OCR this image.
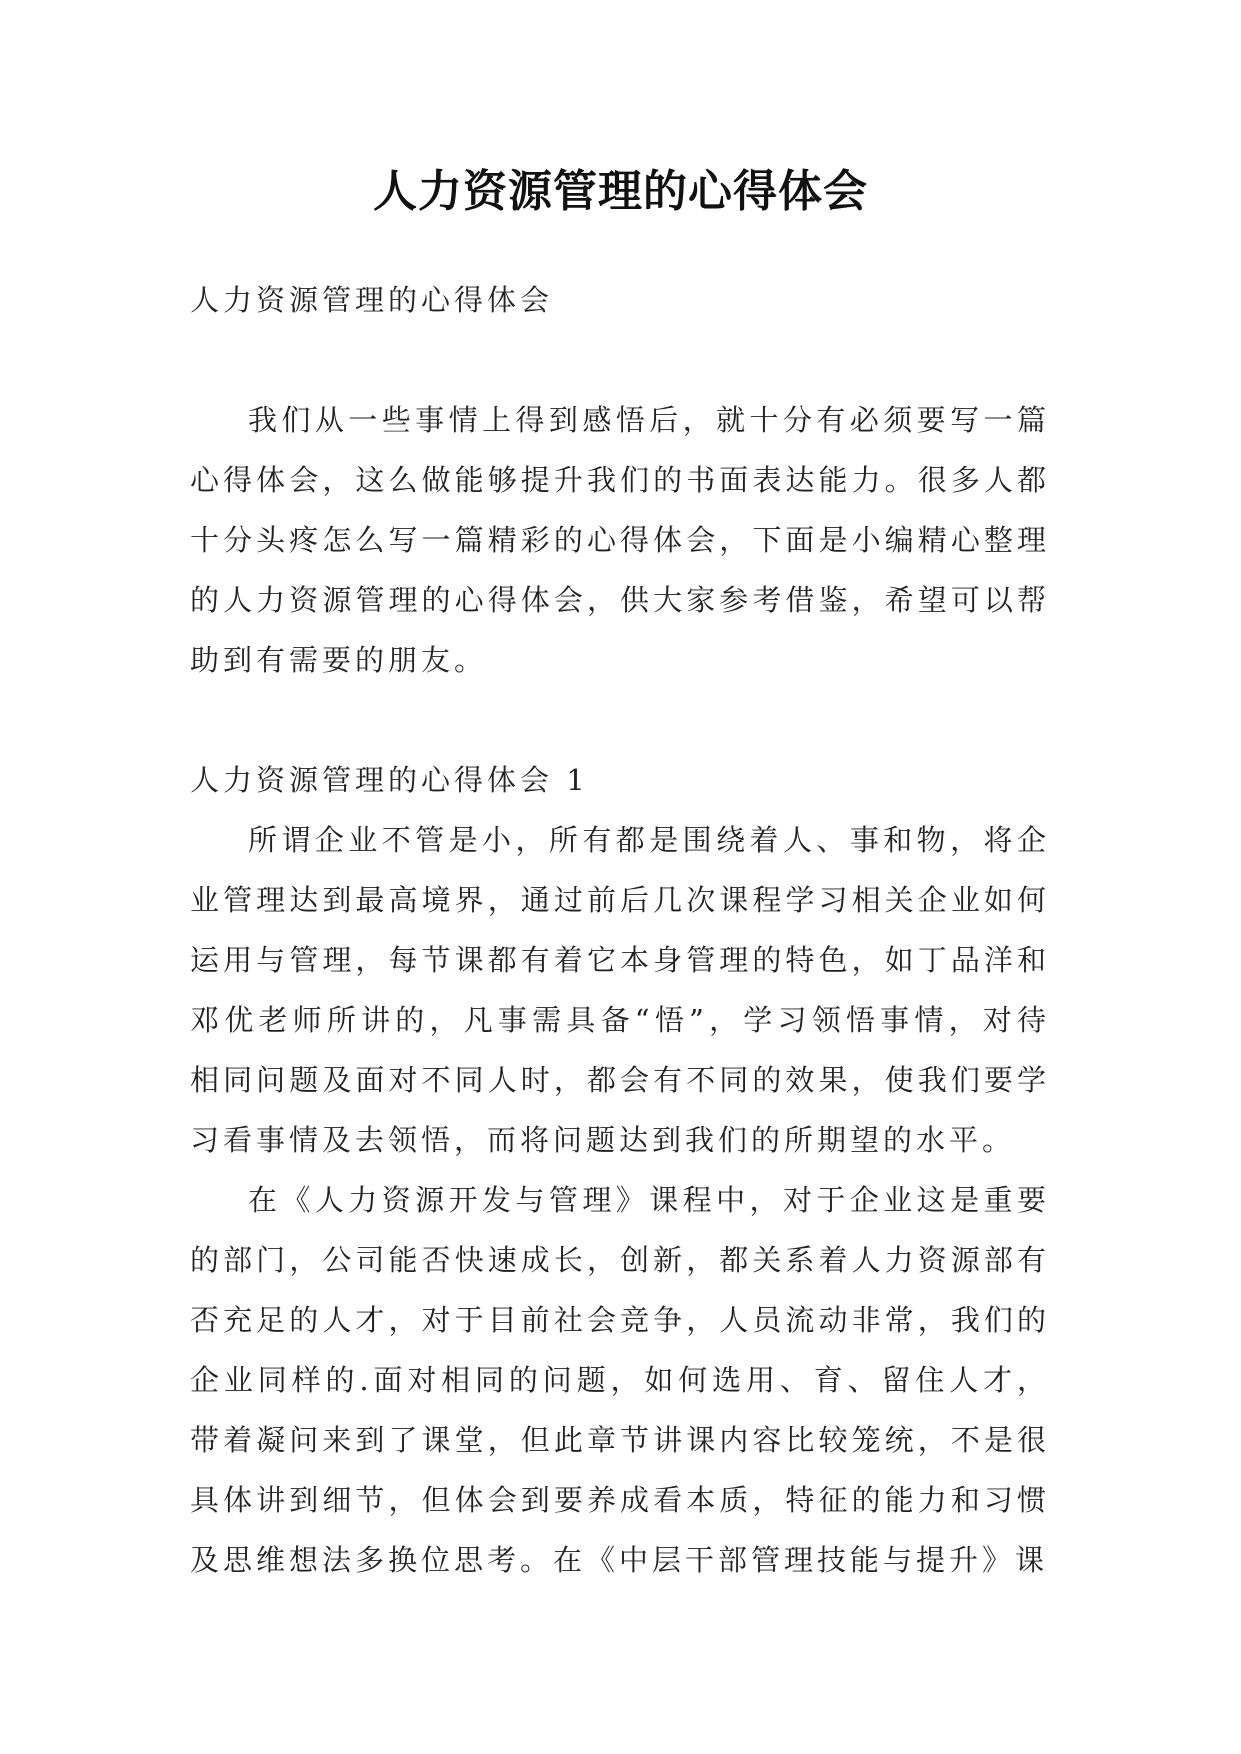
人力资源管理的心得体会

人力资源管理的心得体会

我们从一些事情上得到感悟后，就十分有必须要写一篇心得体会，这么做能够提升我们的书面表达能力。很多人都十分头疼怎么写一篇精彩的心得体会，下面是小编精心整理的人力资源管理的心得体会，供大家参考借鉴，希望可以帮助到有需要的朋友。

人力资源管理的心得体会 1

所谓企业不管是小，所有都是围绕着人、事和物，将企业管理达到最高境界，通过前后几次课程学习相关企业如何运用与管理，每节课都有着它本身管理的特色，如丁品洋和邓优老师所讲的，凡事需具备“悟”，学习领悟事情，对待相同问题及面对不同人时，都会有不同的效果，使我们要学习看事情及去领悟，而将问题达到我们的所期望的水平。

在《人力资源开发与管理》课程中，对于企业这是重要的部门，公司能否快速成长，创新，都关系着人力资源部有否充足的人才，对于目前社会竞争，人员流动非常，我们的企业同样的.面对相同的问题，如何选用、育、留住人才，带着凝问来到了课堂，但此章节讲课内容比较笼统，不是很具体讲到细节，但体会到要养成看本质，特征的能力和习惯及思维想法多换位思考。在《中层干部管理技能与提升》课
